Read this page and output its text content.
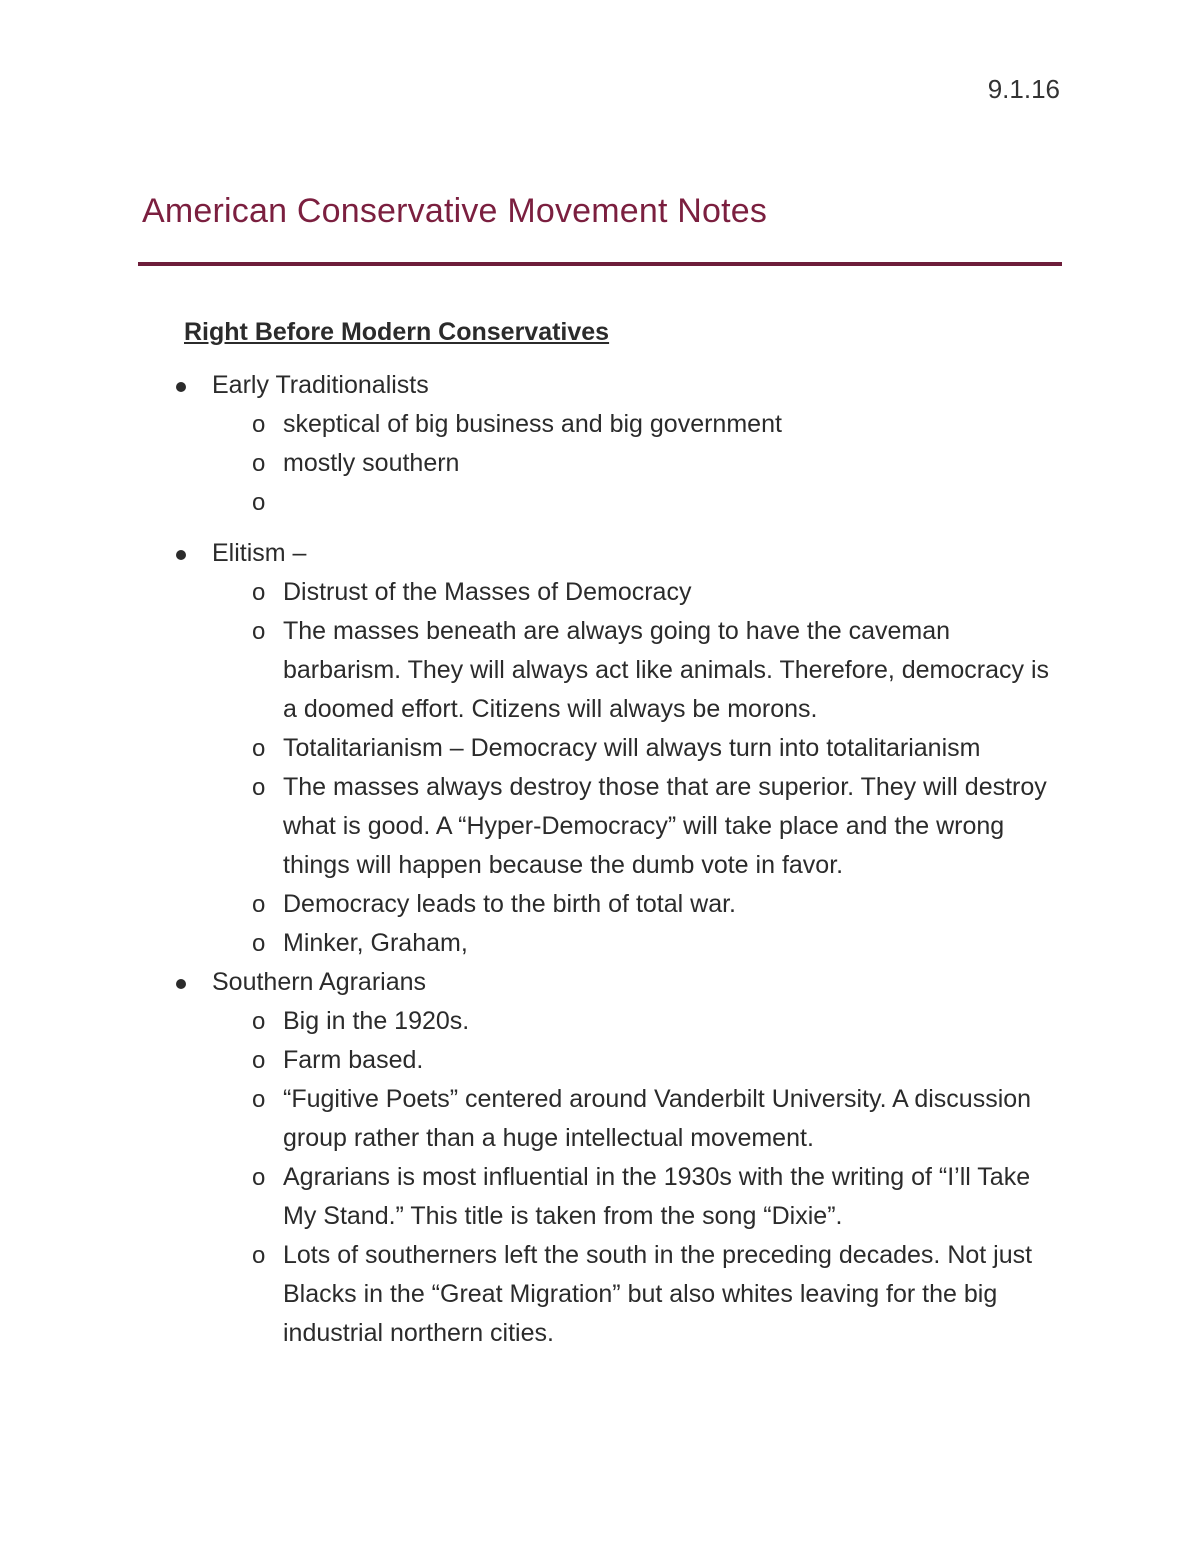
9.1.16
American Conservative Movement Notes
Right Before Modern Conservatives
Early Traditionalists
o skeptical of big business and big government
o mostly southern
o
Elitism –
o Distrust of the Masses of Democracy
o The masses beneath are always going to have the caveman barbarism. They will always act like animals. Therefore, democracy is a doomed effort. Citizens will always be morons.
o Totalitarianism – Democracy will always turn into totalitarianism
o The masses always destroy those that are superior. They will destroy what is good. A “Hyper-Democracy” will take place and the wrong things will happen because the dumb vote in favor.
o Democracy leads to the birth of total war.
o Minker, Graham,
Southern Agrarians
o Big in the 1920s.
o Farm based.
o “Fugitive Poets” centered around Vanderbilt University. A discussion group rather than a huge intellectual movement.
o Agrarians is most influential in the 1930s with the writing of “I’ll Take My Stand.” This title is taken from the song “Dixie”.
o Lots of southerners left the south in the preceding decades. Not just Blacks in the “Great Migration” but also whites leaving for the big industrial northern cities.
